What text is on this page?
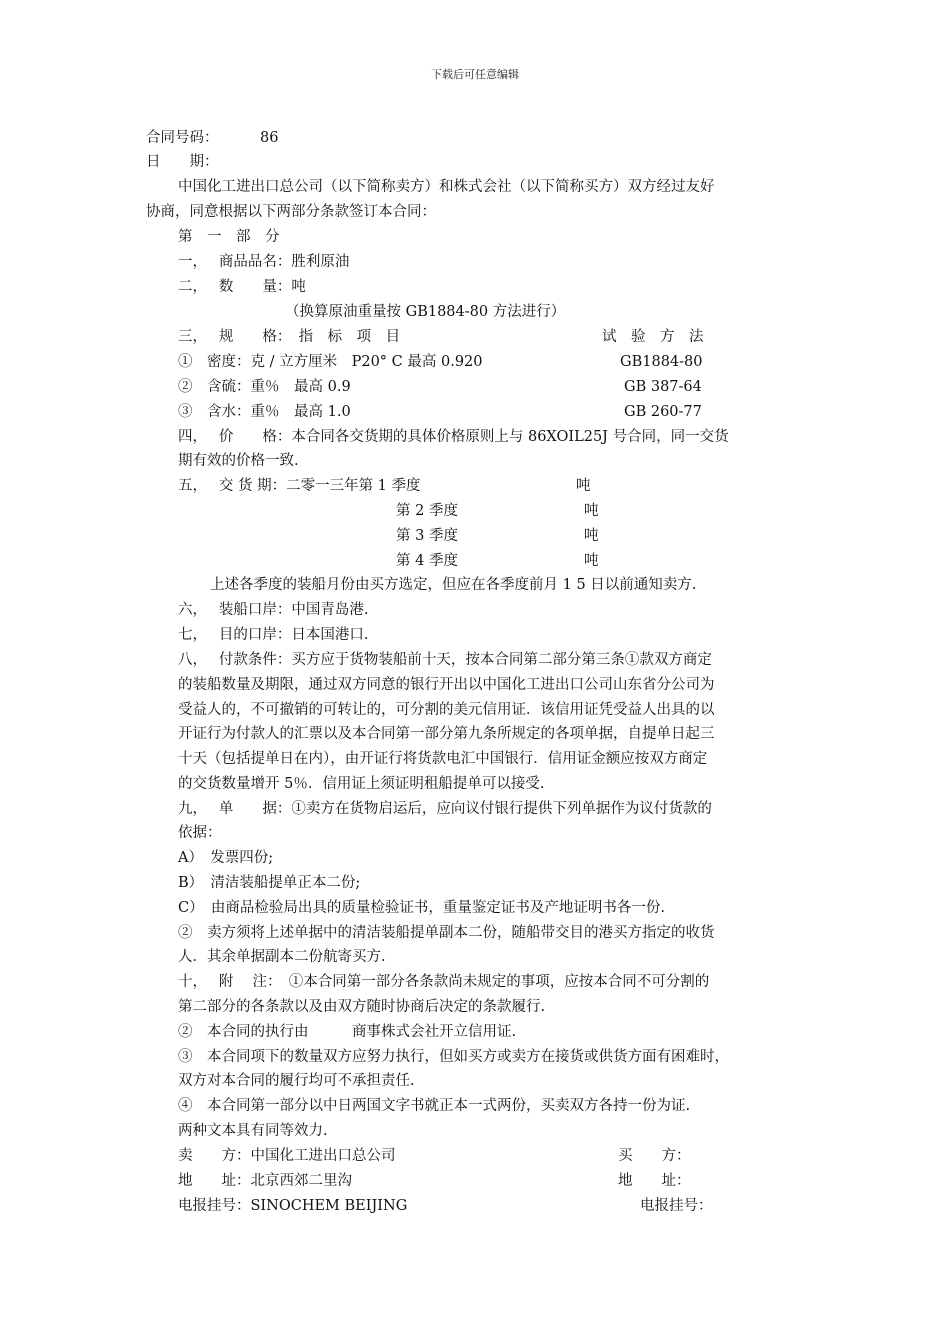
下载后可任意编辑
合同号码：	86
日　　期：
中国化工进出口总公司（以下简称卖方）和株式会社（以下简称买方）双方经过友好
协商，同意根据以下两部分条款签订本合同：
第　一　部　分
一，　 商品品名：胜利原油
二，　 数　　量：吨
（换算原油重量按 GB1884-80 方法进行）
三，　 规　　格：　指　标　项　目	试　验　方　法
①　密度：克 / 立方厘米　P20° C 最高 0.920	GB1884-80
②　含硫：重％　最高 0.9	GB 387-64
③　含水：重％　最高 1.0	GB 260-77
四，　 价　　格：本合同各交货期的具体价格原则上与 86XOIL25J 号合同，同一交货
期有效的价格一致.
五，　 交 货 期：二零一三年第 1 季度	吨
第 2 季度	吨
第 3 季度	吨
第 4 季度	吨
上述各季度的装船月份由买方选定，但应在各季度前月 1 5 日以前通知卖方.
六，　 装船口岸：中国青岛港.
七，　 目的口岸：日本国港口.
八，　 付款条件：买方应于货物装船前十天，按本合同第二部分第三条①款双方商定
的装船数量及期限，通过双方同意的银行开出以中国化工进出口公司山东省分公司为
受益人的，不可撤销的可转让的，可分割的美元信用证．该信用证凭受益人出具的以
开证行为付款人的汇票以及本合同第一部分第九条所规定的各项单据，自提单日起三
十天（包括提单日在内），由开证行将货款电汇中国银行．信用证金额应按双方商定
的交货数量增开 5％．信用证上须证明租船提单可以接受.
九，　 单　　据：①卖方在货物启运后，应向议付银行提供下列单据作为议付货款的
依据：
A）　发票四份;
B）　清洁装船提单正本二份;
C）　由商品检验局出具的质量检验证书，重量鉴定证书及产地证明书各一份.
②　卖方须将上述单据中的清洁装船提单副本二份，随船带交目的港买方指定的收货
人．其余单据副本二份航寄买方.
十，　 附　 注：　①本合同第一部分各条款尚未规定的事项，应按本合同不可分割的
第二部分的各条款以及由双方随时协商后决定的条款履行.
②　本合同的执行由　　　商事株式会社开立信用证.
③　本合同项下的数量双方应努力执行，但如买方或卖方在接货或供货方面有困难时，
双方对本合同的履行均可不承担责任.
④　本合同第一部分以中日两国文字书就正本一式两份，买卖双方各持一份为证.
两种文本具有同等效力.
卖　　方：中国化工进出口总公司	买　　方：
地　　址：北京西郊二里沟	地　　址：
电报挂号：SINOCHEM BEIJING	电报挂号：
